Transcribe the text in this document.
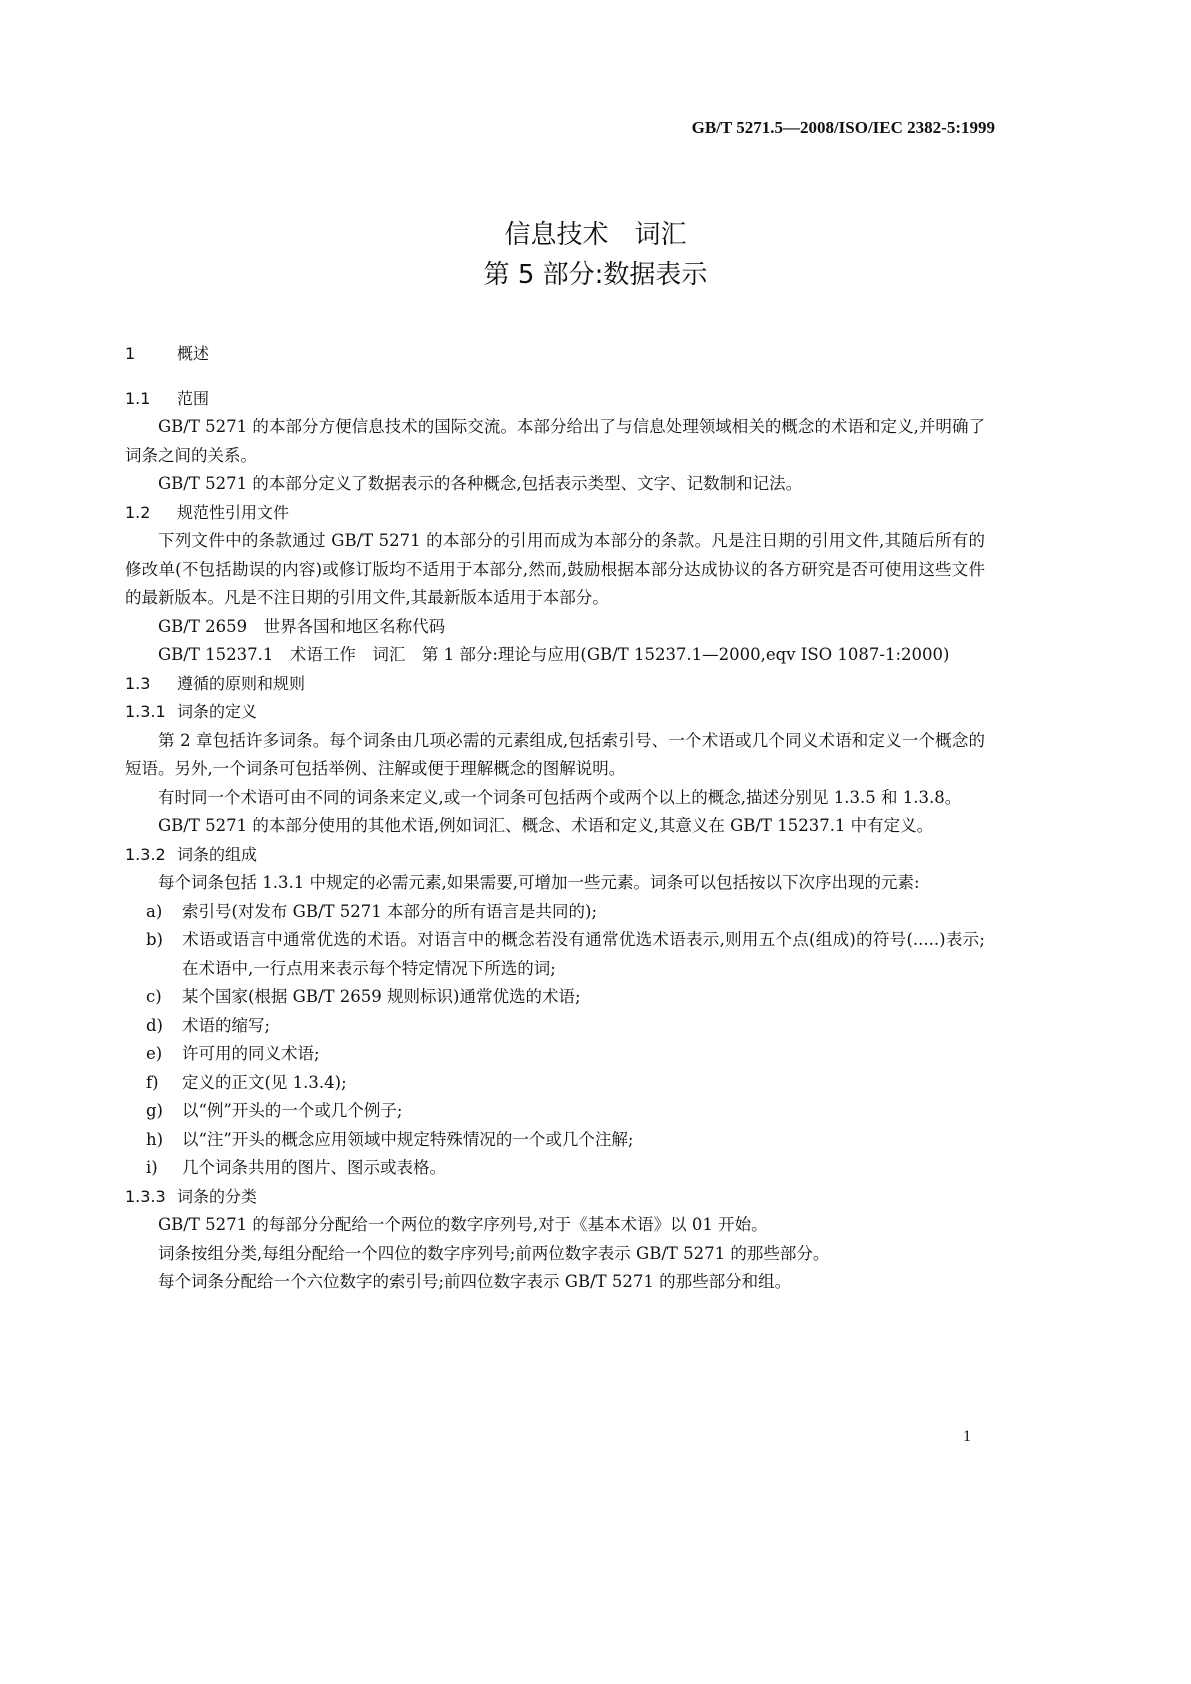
GB/T 5271.5—2008/ISO/IEC 2382-5:1999
信息技术　词汇
第 5 部分:数据表示
1	概述
1.1 范围

GB/T 5271 的本部分方便信息技术的国际交流。本部分给出了与信息处理领域相关的概念的术语和定义,并明确了词条之间的关系。

GB/T 5271 的本部分定义了数据表示的各种概念,包括表示类型、文字、记数制和记法。

1.2 规范性引用文件

下列文件中的条款通过 GB/T 5271 的本部分的引用而成为本部分的条款。凡是注日期的引用文件,其随后所有的修改单(不包括勘误的内容)或修订版均不适用于本部分,然而,鼓励根据本部分达成协议的各方研究是否可使用这些文件的最新版本。凡是不注日期的引用文件,其最新版本适用于本部分。

GB/T 2659　世界各国和地区名称代码

GB/T 15237.1　术语工作　词汇　第 1 部分:理论与应用(GB/T 15237.1—2000,eqv ISO 1087-1:2000)

1.3 遵循的原则和规则
1.3.1 词条的定义

第 2 章包括许多词条。每个词条由几项必需的元素组成,包括索引号、一个术语或几个同义术语和定义一个概念的短语。另外,一个词条可包括举例、注解或便于理解概念的图解说明。

有时同一个术语可由不同的词条来定义,或一个词条可包括两个或两个以上的概念,描述分别见 1.3.5 和 1.3.8。

GB/T 5271 的本部分使用的其他术语,例如词汇、概念、术语和定义,其意义在 GB/T 15237.1 中有定义。

1.3.2 词条的组成

每个词条包括 1.3.1 中规定的必需元素,如果需要,可增加一些元素。词条可以包括按以下次序出现的元素:

a) 索引号(对发布 GB/T 5271 本部分的所有语言是共同的);

b) 术语或语言中通常优选的术语。对语言中的概念若没有通常优选术语表示,则用五个点(组成)的符号(.....)表示;在术语中,一行点用来表示每个特定情况下所选的词;

c) 某个国家(根据 GB/T 2659 规则标识)通常优选的术语;

d) 术语的缩写;

e) 许可用的同义术语;

f) 定义的正文(见 1.3.4);

g) 以“例”开头的一个或几个例子;

h) 以“注”开头的概念应用领域中规定特殊情况的一个或几个注解;

i) 几个词条共用的图片、图示或表格。

1.3.3 词条的分类

GB/T 5271 的每部分分配给一个两位的数字序列号,对于《基本术语》以 01 开始。

词条按组分类,每组分配给一个四位的数字序列号;前两位数字表示 GB/T 5271 的那些部分。

每个词条分配给一个六位数字的索引号;前四位数字表示 GB/T 5271 的那些部分和组。

1
